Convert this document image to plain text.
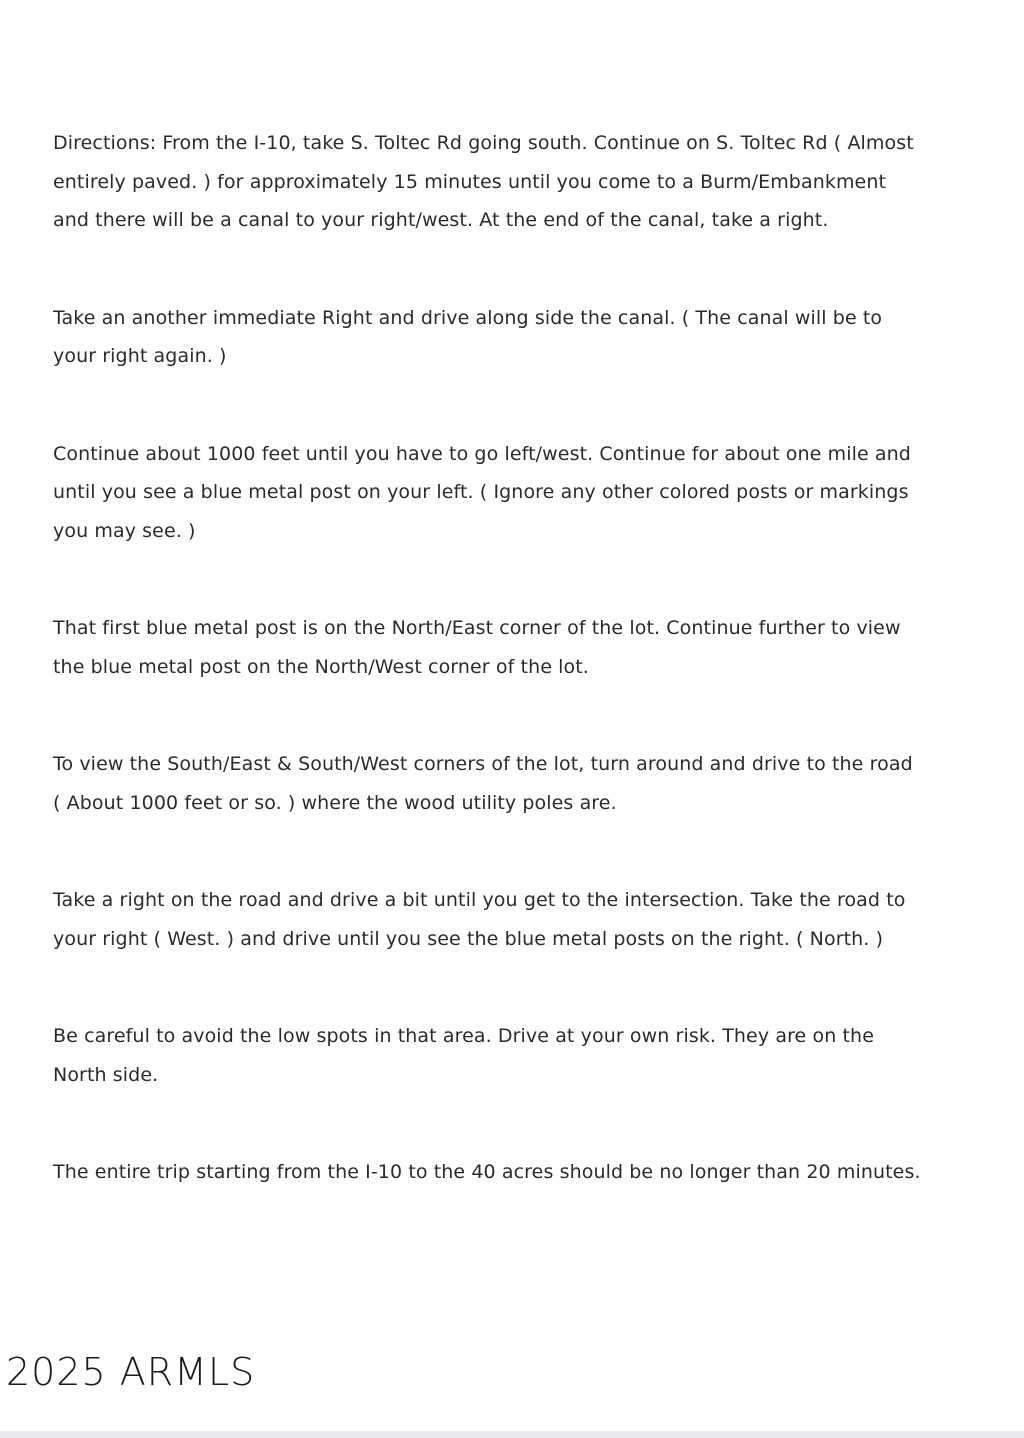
Directions: From the I-10, take S. Toltec Rd going south. Continue on S. Toltec Rd ( Almost entirely paved. ) for approximately 15 minutes until you come to a Burm/Embankment and there will be a canal to your right/west. At the end of the canal, take a right.

Take an another immediate Right and drive along side the canal. ( The canal will be to your right again. )

Continue about 1000 feet until you have to go left/west. Continue for about one mile and until you see a blue metal post on your left. ( Ignore any other colored posts or markings you may see. )

That first blue metal post is on the North/East corner of the lot. Continue further to view the blue metal post on the North/West corner of the lot.

To view the South/East & South/West corners of the lot, turn around and drive to the road ( About 1000 feet or so. ) where the wood utility poles are.

Take a right on the road and drive a bit until you get to the intersection. Take the road to your right ( West. ) and drive until you see the blue metal posts on the right. ( North. )

Be careful to avoid the low spots in that area. Drive at your own risk. They are on the North side.

The entire trip starting from the I-10 to the 40 acres should be no longer than 20 minutes.

2025 ARMLS
